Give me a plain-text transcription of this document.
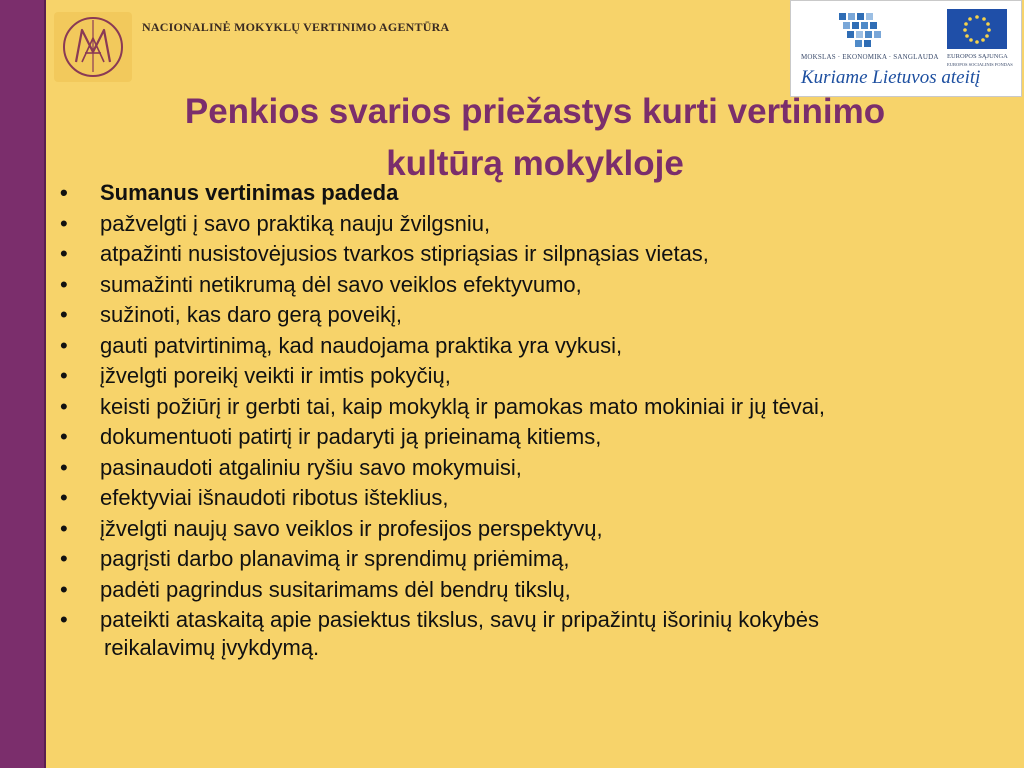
NACIONALINĖ MOKYKLŲ VERTINIMO AGENTŪRA
MOKSLAS · EKONOMIKA · SANGLAUDA EUROPOS SĄJUNGA
EUROPOS SOCIALINIS FONDAS
Kuriame Lietuvos ateitį
Penkios svarios priežastys kurti vertinimo
kultūrą mokykloje
•	Sumanus vertinimas padeda
•	pažvelgti į savo praktiką nauju žvilgsniu,
•	atpažinti nusistovėjusios tvarkos stipriąsias ir silpnąsias vietas,
•	sumažinti netikrumą dėl savo veiklos efektyvumo,
•	sužinoti, kas daro gerą poveikį,
•	gauti patvirtinimą, kad naudojama praktika yra vykusi,
•	įžvelgti poreikį veikti ir imtis pokyčių,
•	keisti požiūrį ir gerbti tai, kaip mokyklą ir pamokas mato mokiniai ir jų tėvai,
•	dokumentuoti patirtį ir padaryti ją prieinamą kitiems,
•	pasinaudoti atgaliniu ryšiu savo mokymuisi,
•	efektyviai išnaudoti ribotus išteklius,
•	įžvelgti naujų savo veiklos ir profesijos perspektyvų,
•	pagrįsti darbo planavimą ir sprendimų priėmimą,
•	padėti pagrindus susitarimams dėl bendrų tikslų,
•	pateikti ataskaitą apie pasiektus tikslus, savų ir pripažintų išorinių kokybės
reikalavimų įvykdymą.
